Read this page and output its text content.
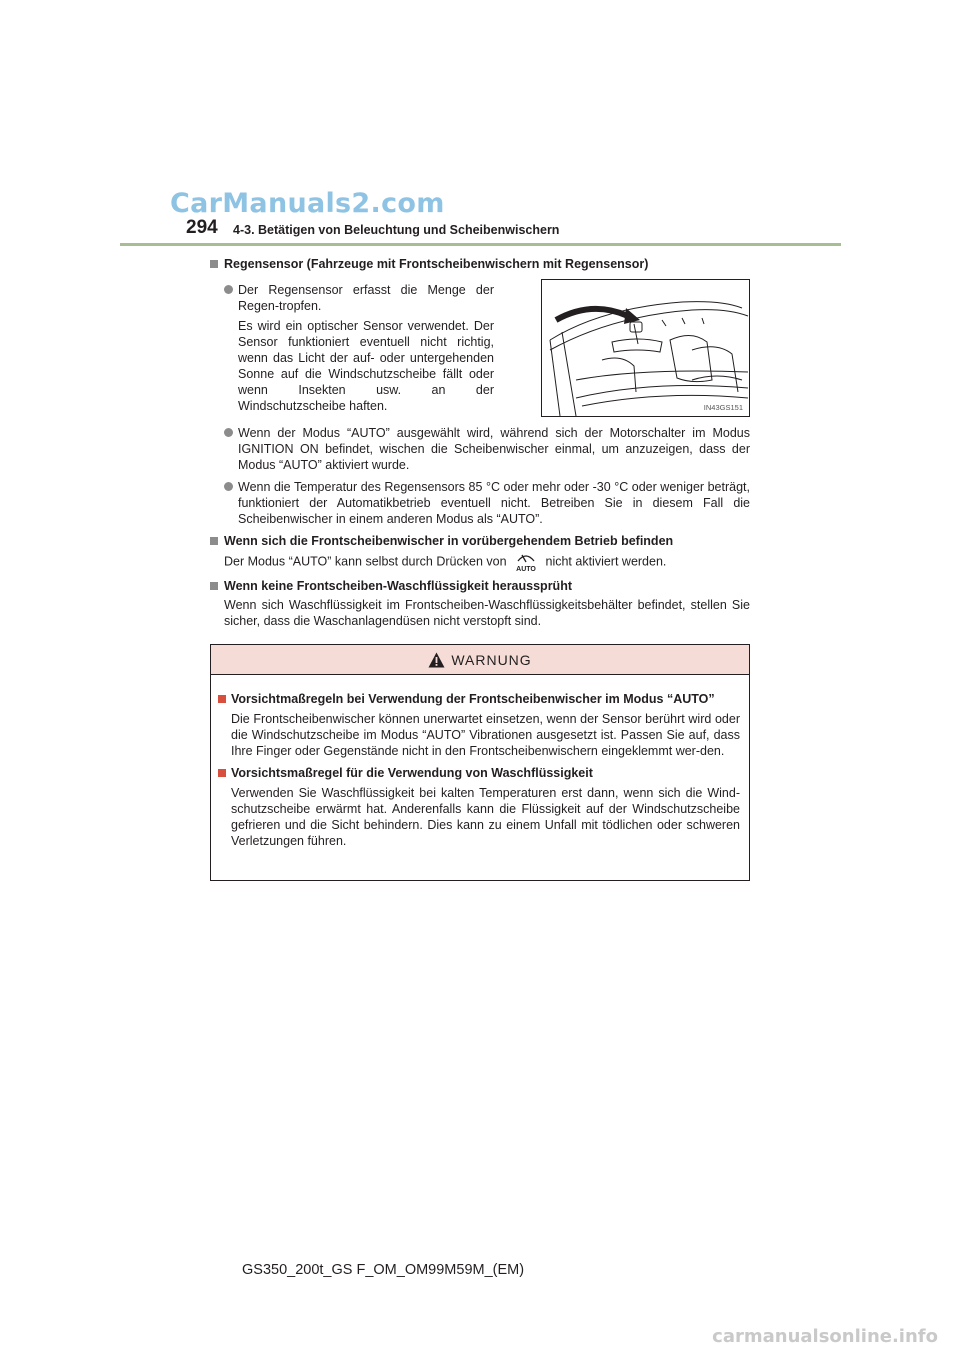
CarManuals2.com
294 4-3. Betätigen von Beleuchtung und Scheibenwischern
Regensensor (Fahrzeuge mit Frontscheibenwischern mit Regensensor)
Der Regensensor erfasst die Menge der Regen-tropfen.
Es wird ein optischer Sensor verwendet. Der Sensor funktioniert eventuell nicht richtig, wenn das Licht der auf- oder untergehenden Sonne auf die Windschutzscheibe fällt oder wenn Insekten usw. an der Windschutzscheibe haften.	IN43GS151
Wenn der Modus “AUTO” ausgewählt wird, während sich der Motorschalter im Modus IGNITION ON befindet, wischen die Scheibenwischer einmal, um anzuzeigen, dass der Modus “AUTO” aktiviert wurde.
Wenn die Temperatur des Regensensors 85 °C oder mehr oder -30 °C oder weniger beträgt, funktioniert der Automatikbetrieb eventuell nicht. Betreiben Sie in diesem Fall die Scheibenwischer in einem anderen Modus als “AUTO”.
Wenn sich die Frontscheibenwischer in vorübergehendem Betrieb befinden
Der Modus “AUTO” kann selbst durch Drücken von
AUTO
nicht aktiviert werden.
Wenn keine Frontscheiben-Waschflüssigkeit heraussprüht
Wenn sich Waschflüssigkeit im Frontscheiben-Waschflüssigkeitsbehälter befindet, stellen Sie sicher, dass die Waschanlagendüsen nicht verstopft sind.
WARNUNG
Vorsichtmaßregeln bei Verwendung der Frontscheibenwischer im Modus “AUTO”
Die Frontscheibenwischer können unerwartet einsetzen, wenn der Sensor berührt wird oder die Windschutzscheibe im Modus “AUTO” Vibrationen ausgesetzt ist. Passen Sie auf, dass Ihre Finger oder Gegenstände nicht in den Frontscheibenwischern eingeklemmt wer-den.
Vorsichtsmaßregel für die Verwendung von Waschflüssigkeit
Verwenden Sie Waschflüssigkeit bei kalten Temperaturen erst dann, wenn sich die Wind-schutzscheibe erwärmt hat. Anderenfalls kann die Flüssigkeit auf der Windschutzscheibe gefrieren und die Sicht behindern. Dies kann zu einem Unfall mit tödlichen oder schweren Verletzungen führen.
GS350_200t_GS F_OM_OM99M59M_(EM)
carmanualsonline.info
